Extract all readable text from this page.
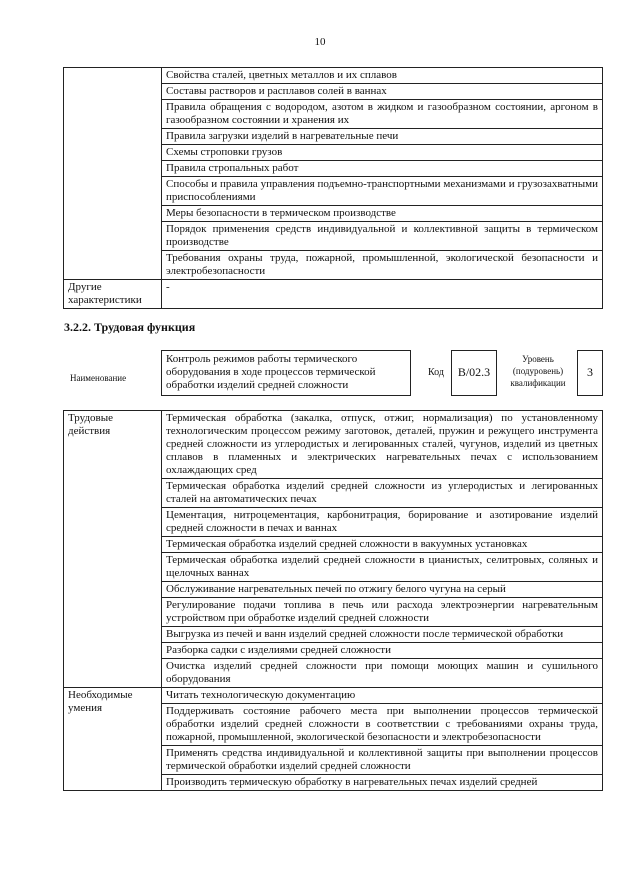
10
	Свойства сталей, цветных металлов и их сплавов
	Составы растворов и расплавов солей в ваннах
	Правила обращения с водородом, азотом в жидком и газообразном состоянии, аргоном в газообразном состоянии и хранения их
	Правила загрузки изделий в нагревательные печи
	Схемы строповки грузов
	Правила стропальных работ
	Способы и правила управления подъемно-транспортными механизмами и грузозахватными приспособлениями
	Меры безопасности в термическом производстве
	Порядок применения средств индивидуальной и коллективной защиты в термическом производстве
	Требования охраны труда, пожарной, промышленной, экологической безопасности и электробезопасности
Другие характеристики	-
3.2.2. Трудовая функция
Наименование
Контроль режимов работы термического оборудования в ходе процессов термической обработки изделий средней сложности
Код	B/02.3
Уровень (подуровень) квалификации
3
Трудовые действия	Термическая обработка (закалка, отпуск, отжиг, нормализация) по установленному технологическим процессом режиму заготовок, деталей, пружин и режущего инструмента средней сложности из углеродистых и легированных сталей, чугунов, изделий из цветных сплавов в пламенных и электрических нагревательных печах с использованием охлаждающих сред
	Термическая обработка изделий средней сложности из углеродистых и легированных сталей на автоматических печах
	Цементация, нитроцементация, карбонитрация, борирование и азотирование изделий средней сложности в печах и ваннах
	Термическая обработка изделий средней сложности в вакуумных установках
	Термическая обработка изделий средней сложности в цианистых, селитровых, соляных и щелочных ваннах
	Обслуживание нагревательных печей по отжигу белого чугуна на серый
	Регулирование подачи топлива в печь или расхода электроэнергии нагревательным устройством при обработке изделий средней сложности
	Выгрузка из печей и ванн изделий средней сложности после термической обработки
	Разборка садки с изделиями средней сложности
	Очистка изделий средней сложности при помощи моющих машин и сушильного оборудования
Необходимые умения	Читать технологическую документацию
	Поддерживать состояние рабочего места при выполнении процессов термической обработки изделий средней сложности в соответствии с требованиями охраны труда, пожарной, промышленной, экологической безопасности и электробезопасности
	Применять средства индивидуальной и коллективной защиты при выполнении процессов термической обработки изделий средней сложности
	Производить термическую обработку в нагревательных печах изделий средней
